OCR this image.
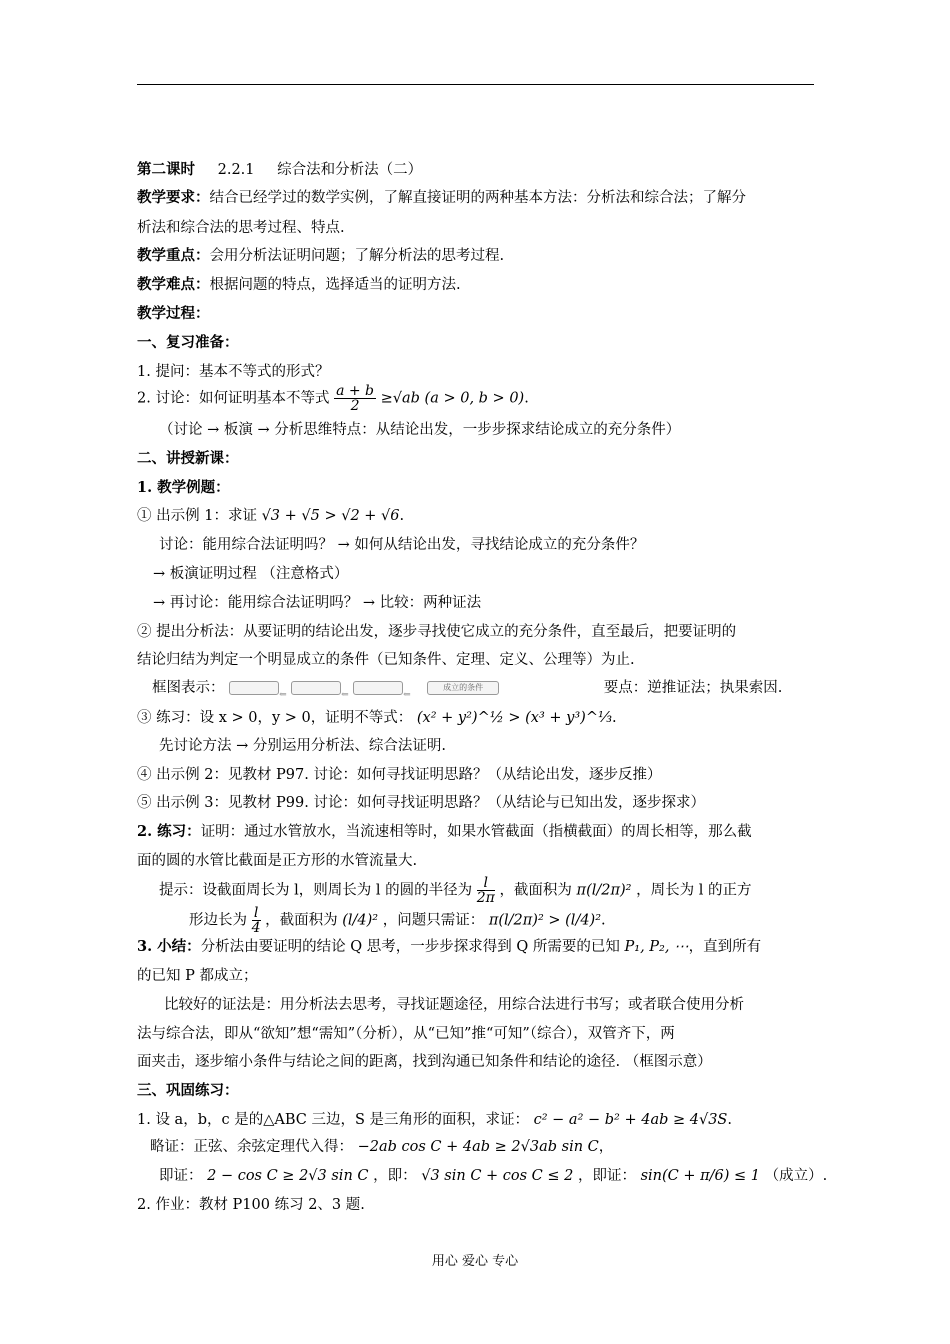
第二课时 2.2.1 综合法和分析法（二）
教学要求：结合已经学过的数学实例，了解直接证明的两种基本方法：分析法和综合法；了解分
析法和综合法的思考过程、特点.
教学重点：会用分析法证明问题；了解分析法的思考过程.
教学难点：根据问题的特点，选择适当的证明方法.
教学过程：
一、复习准备：
1. 提问：基本不等式的形式？
2. 讨论：如何证明基本不等式 $\frac{a + b}{2} \ge√ab$ (a > 0, b > 0).
（讨论 → 板演 → 分析思维特点：从结论出发，一步步探求结论成立的充分条件）
二、讲授新课：
1. 教学例题：
① 出示例 1：求证 √3 + √5 > √2 + √6.
讨论：能用综合法证明吗？ → 如何从结论出发，寻找结论成立的充分条件？
→ 板演证明过程 （注意格式）
→ 再讨论：能用综合法证明吗？ → 比较：两种证法
② 提出分析法：从要证明的结论出发，逐步寻找使它成立的充分条件，直至最后，把要证明的
结论归结为判定一个明显成立的条件（已知条件、定理、定义、公理等）为止.
框图表示：	⇐	⇐	⇐
成立的条件	要点：逆推证法；执果索因.
③ 练习：设 x > 0，y > 0，证明不等式： (x² + y²)^½ > (x³ + y³)^⅓.
先讨论方法 → 分别运用分析法、综合法证明.
④ 出示例 2：见教材 P97. 讨论：如何寻找证明思路？（从结论出发，逐步反推）
⑤ 出示例 3：见教材 P99. 讨论：如何寻找证明思路？（从结论与已知出发，逐步探求）
2. 练习：证明：通过水管放水，当流速相等时，如果水管截面（指横截面）的周长相等，那么截
面的圆的水管比截面是正方形的水管流量大.
提示：设截面周长为 l，则周长为 l 的圆的半径为 $\frac{l}{2\pi}$ ，截面积为 π(l/2π)² ，周长为 l 的正方
形边长为 $\frac{l}{4}$ ，截面积为 (l/4)² ，问题只需证： π(l/2π)² > (l/4)².
3. 小结：分析法由要证明的结论 Q 思考，一步步探求得到 Q 所需要的已知 P₁, P₂, ⋯，直到所有
的已知 P 都成立；
比较好的证法是：用分析法去思考，寻找证题途径，用综合法进行书写；或者联合使用分析
法与综合法，即从“欲知”想“需知”（分析），从“已知”推“可知”（综合），双管齐下，两
面夹击，逐步缩小条件与结论之间的距离，找到沟通已知条件和结论的途径. （框图示意）
三、巩固练习：
1. 设 a，b，c 是的△ABC 三边，S 是三角形的面积，求证： c² − a² − b² + 4ab ≥ 4√3S.
略证：正弦、余弦定理代入得： −2ab cos C + 4ab ≥ 2√3ab sin C，
即证： 2 − cos C ≥ 2√3 sin C ，即： √3 sin C + cos C ≤ 2 ，即证： sin(C + π/6) ≤ 1 （成立）.
2. 作业：教材 P100 练习 2、3 题.
用心 爱心 专心
